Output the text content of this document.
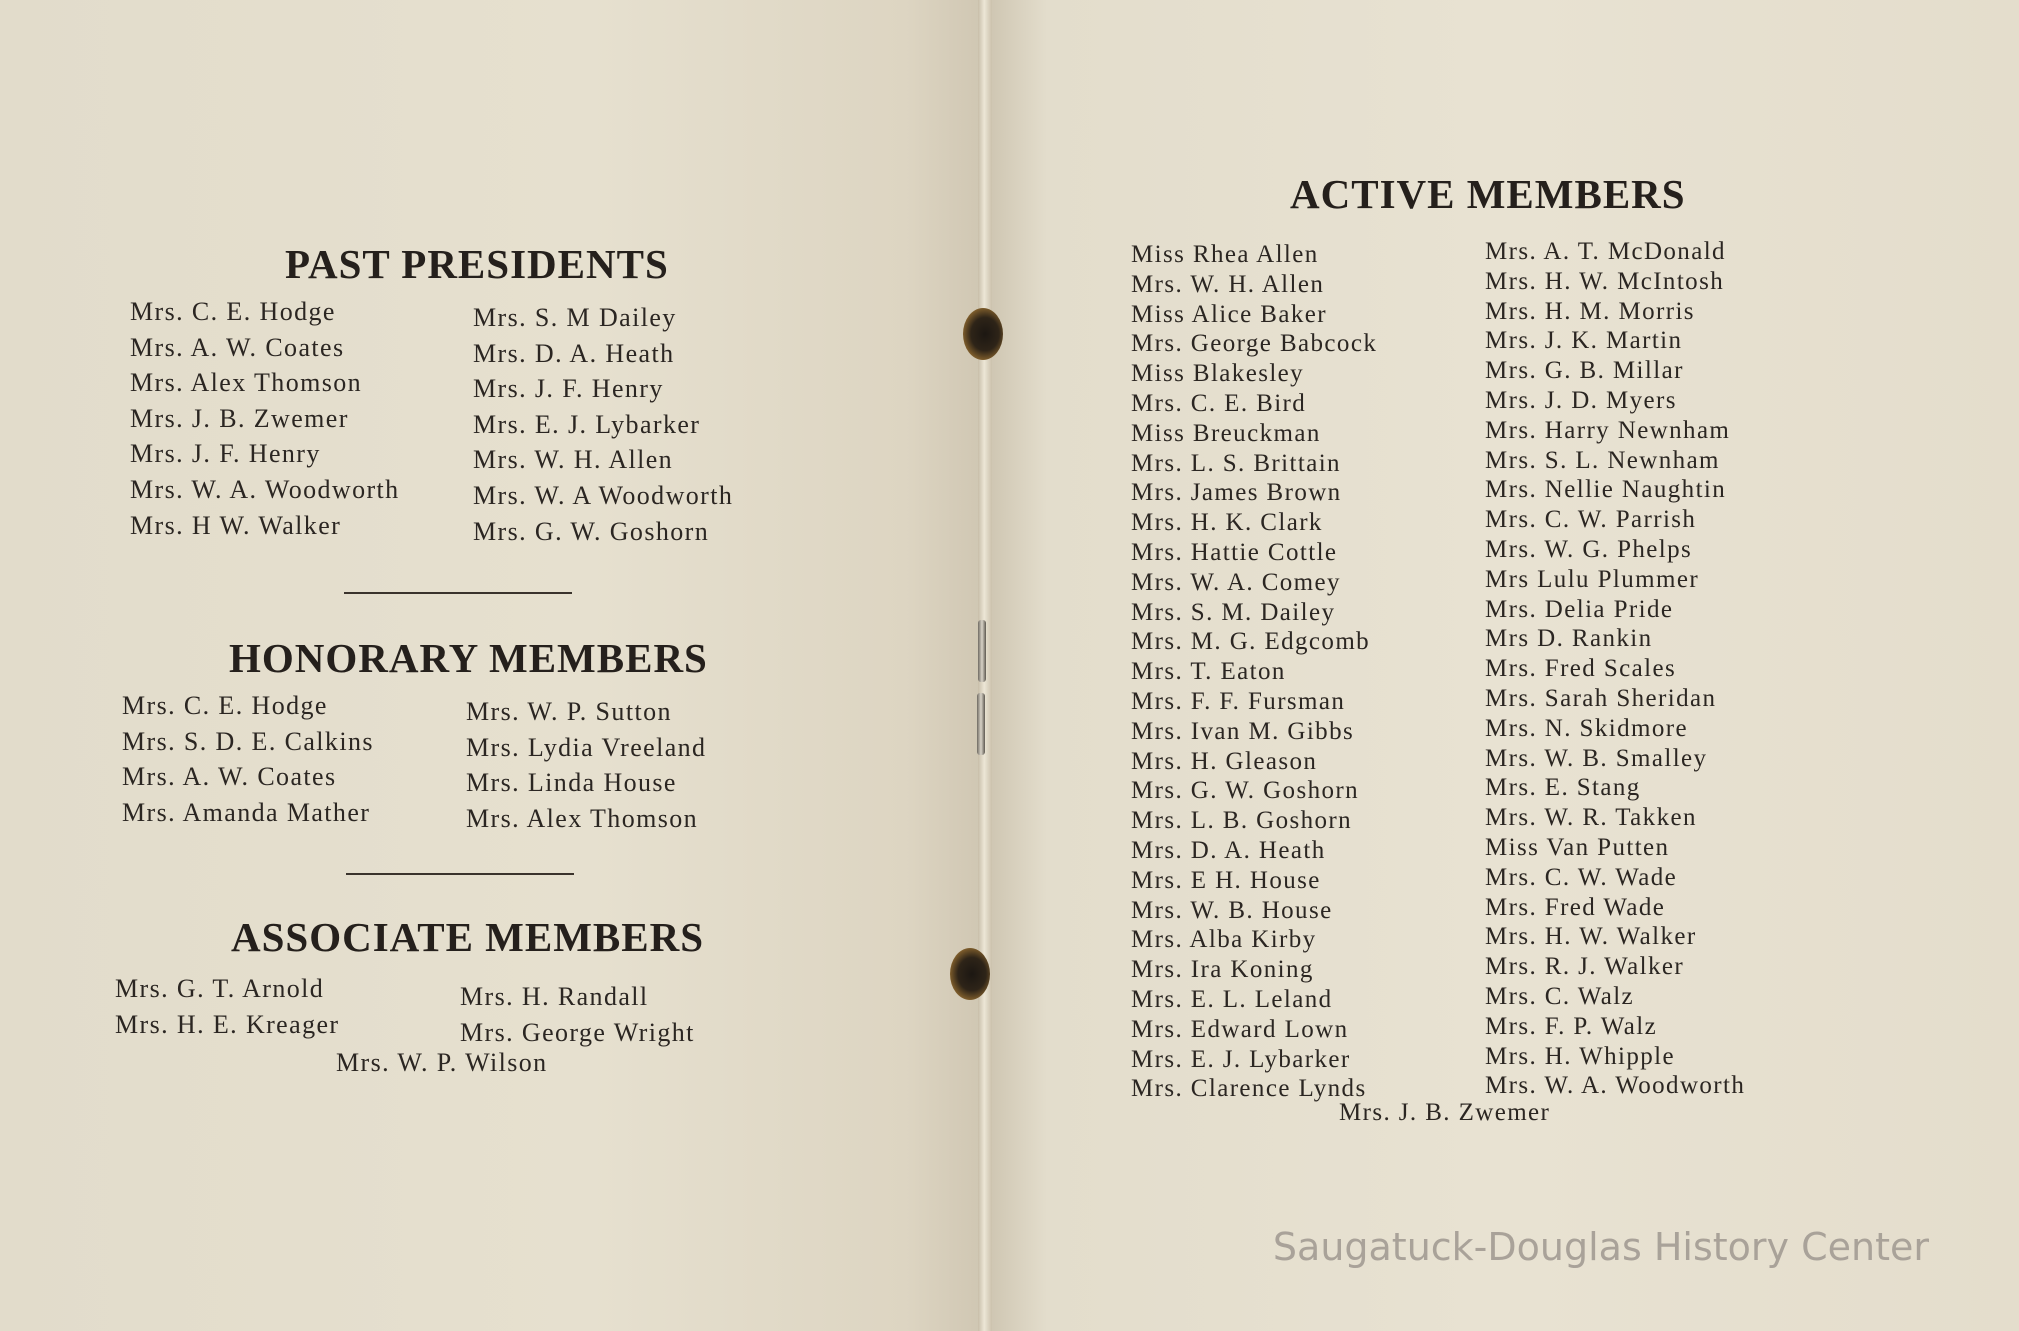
PAST PRESIDENTS
Mrs. C. E. Hodge
Mrs. A. W. Coates
Mrs. Alex Thomson
Mrs. J. B. Zwemer
Mrs. J. F. Henry
Mrs. W. A. Woodworth
Mrs. H W. Walker
Mrs. S. M Dailey
Mrs. D. A. Heath
Mrs. J. F. Henry
Mrs. E. J. Lybarker
Mrs. W. H. Allen
Mrs. W. A Woodworth
Mrs. G. W. Goshorn
HONORARY MEMBERS
Mrs. C. E. Hodge
Mrs. S. D. E. Calkins
Mrs. A. W. Coates
Mrs. Amanda Mather
Mrs. W. P. Sutton
Mrs. Lydia Vreeland
Mrs. Linda House
Mrs. Alex Thomson
ASSOCIATE MEMBERS
Mrs. G. T. Arnold
Mrs. H. E. Kreager
Mrs. H. Randall
Mrs. George Wright
Mrs. W. P. Wilson
ACTIVE MEMBERS
Miss Rhea Allen
Mrs. W. H. Allen
Miss Alice Baker
Mrs. George Babcock
Miss Blakesley
Mrs. C. E. Bird
Miss Breuckman
Mrs. L. S. Brittain
Mrs. James Brown
Mrs. H. K. Clark
Mrs. Hattie Cottle
Mrs. W. A. Comey
Mrs. S. M. Dailey
Mrs. M. G. Edgcomb
Mrs. T. Eaton
Mrs. F. F. Fursman
Mrs. Ivan M. Gibbs
Mrs. H. Gleason
Mrs. G. W. Goshorn
Mrs. L. B. Goshorn
Mrs. D. A. Heath
Mrs. E H. House
Mrs. W. B. House
Mrs. Alba Kirby
Mrs. Ira Koning
Mrs. E. L. Leland
Mrs. Edward Lown
Mrs. E. J. Lybarker
Mrs. Clarence Lynds
Mrs. A. T. McDonald
Mrs. H. W. McIntosh
Mrs. H. M. Morris
Mrs. J. K. Martin
Mrs. G. B. Millar
Mrs. J. D. Myers
Mrs. Harry Newnham
Mrs. S. L. Newnham
Mrs. Nellie Naughtin
Mrs. C. W. Parrish
Mrs. W. G. Phelps
Mrs Lulu Plummer
Mrs. Delia Pride
Mrs D. Rankin
Mrs. Fred Scales
Mrs. Sarah Sheridan
Mrs. N. Skidmore
Mrs. W. B. Smalley
Mrs. E. Stang
Mrs. W. R. Takken
Miss Van Putten
Mrs. C. W. Wade
Mrs. Fred Wade
Mrs. H. W. Walker
Mrs. R. J. Walker
Mrs. C. Walz
Mrs. F. P. Walz
Mrs. H. Whipple
Mrs. W. A. Woodworth
Mrs. J. B. Zwemer
Saugatuck-Douglas History Center
